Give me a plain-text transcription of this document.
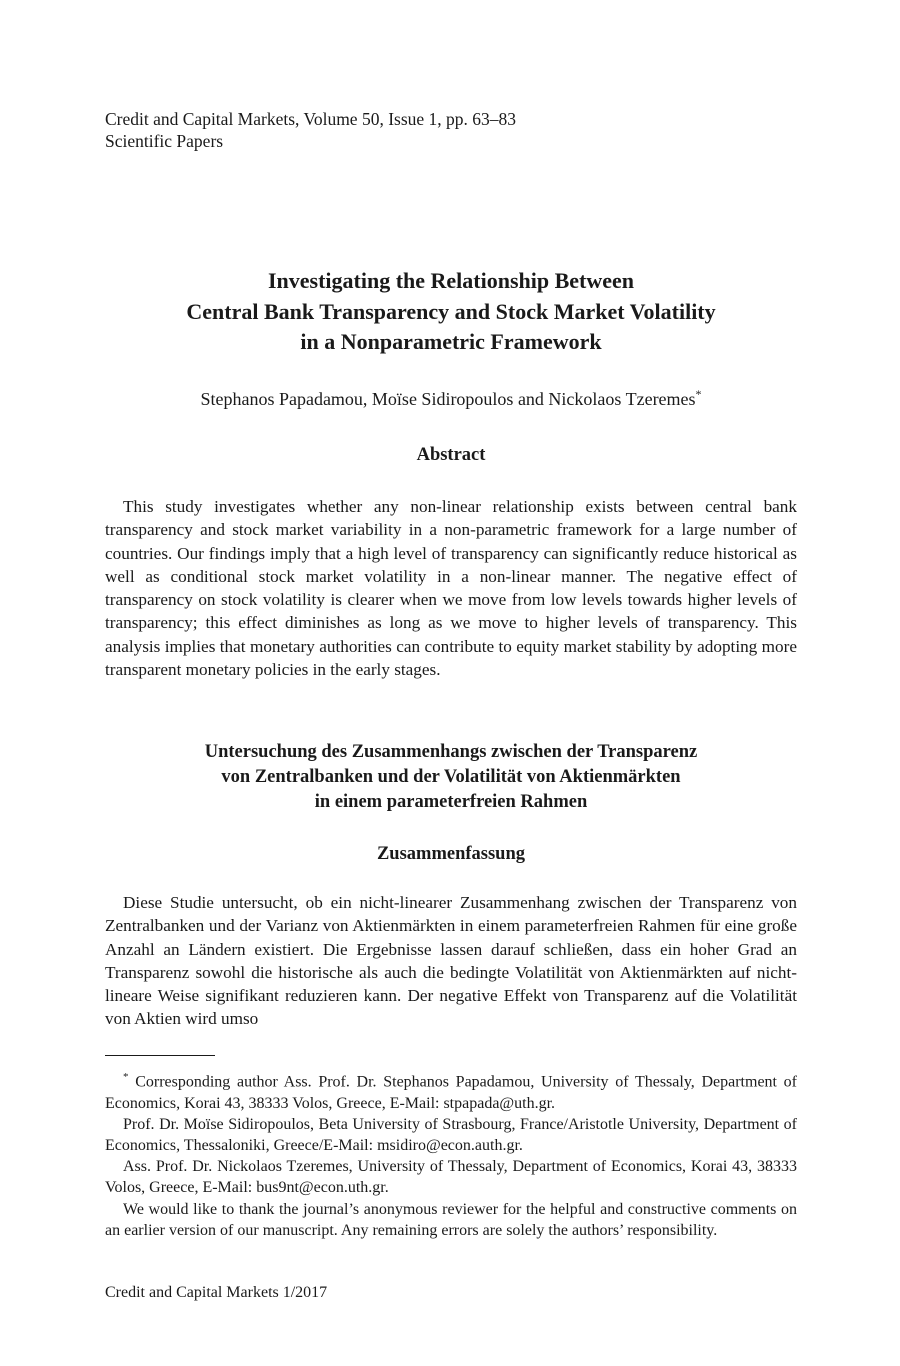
Credit and Capital Markets, Volume 50, Issue 1, pp. 63–83
Scientific Papers
Investigating the Relationship Between
Central Bank Transparency and Stock Market Volatility
in a Nonparametric Framework
Stephanos Papadamou, Moïse Sidiropoulos and Nickolaos Tzeremes*
Abstract

This study investigates whether any non-linear relationship exists between central bank transparency and stock market variability in a non-parametric framework for a large number of countries. Our findings imply that a high level of transparency can significantly reduce historical as well as conditional stock market volatility in a non-linear manner. The negative effect of transparency on stock volatility is clearer when we move from low levels towards higher levels of transparency; this effect diminishes as long as we move to higher levels of transparency. This analysis implies that monetary authorities can contribute to equity market stability by adopting more transparent monetary policies in the early stages.

Untersuchung des Zusammenhangs zwischen der Transparenz
von Zentralbanken und der Volatilität von Aktienmärkten
in einem parameterfreien Rahmen
Zusammenfassung

Diese Studie untersucht, ob ein nicht-linearer Zusammenhang zwischen der Transparenz von Zentralbanken und der Varianz von Aktienmärkten in einem parameterfreien Rahmen für eine große Anzahl an Ländern existiert. Die Ergebnisse lassen darauf schließen, dass ein hoher Grad an Transparenz sowohl die historische als auch die bedingte Volatilität von Aktienmärkten auf nicht-lineare Weise signifikant reduzieren kann. Der negative Effekt von Transparenz auf die Volatilität von Aktien wird umso

* Corresponding author Ass. Prof. Dr. Stephanos Papadamou, University of Thessaly, Department of Economics, Korai 43, 38333 Volos, Greece, E-Mail: stpapada@uth.gr.

Prof. Dr. Moïse Sidiropoulos, Beta University of Strasbourg, France/Aristotle University, Department of Economics, Thessaloniki, Greece/E-Mail: msidiro@econ.auth.gr.

Ass. Prof. Dr. Nickolaos Tzeremes, University of Thessaly, Department of Economics, Korai 43, 38333 Volos, Greece, E-Mail: bus9nt@econ.uth.gr.

We would like to thank the journal’s anonymous reviewer for the helpful and constructive comments on an earlier version of our manuscript. Any remaining errors are solely the authors’ responsibility.

Credit and Capital Markets 1/2017
